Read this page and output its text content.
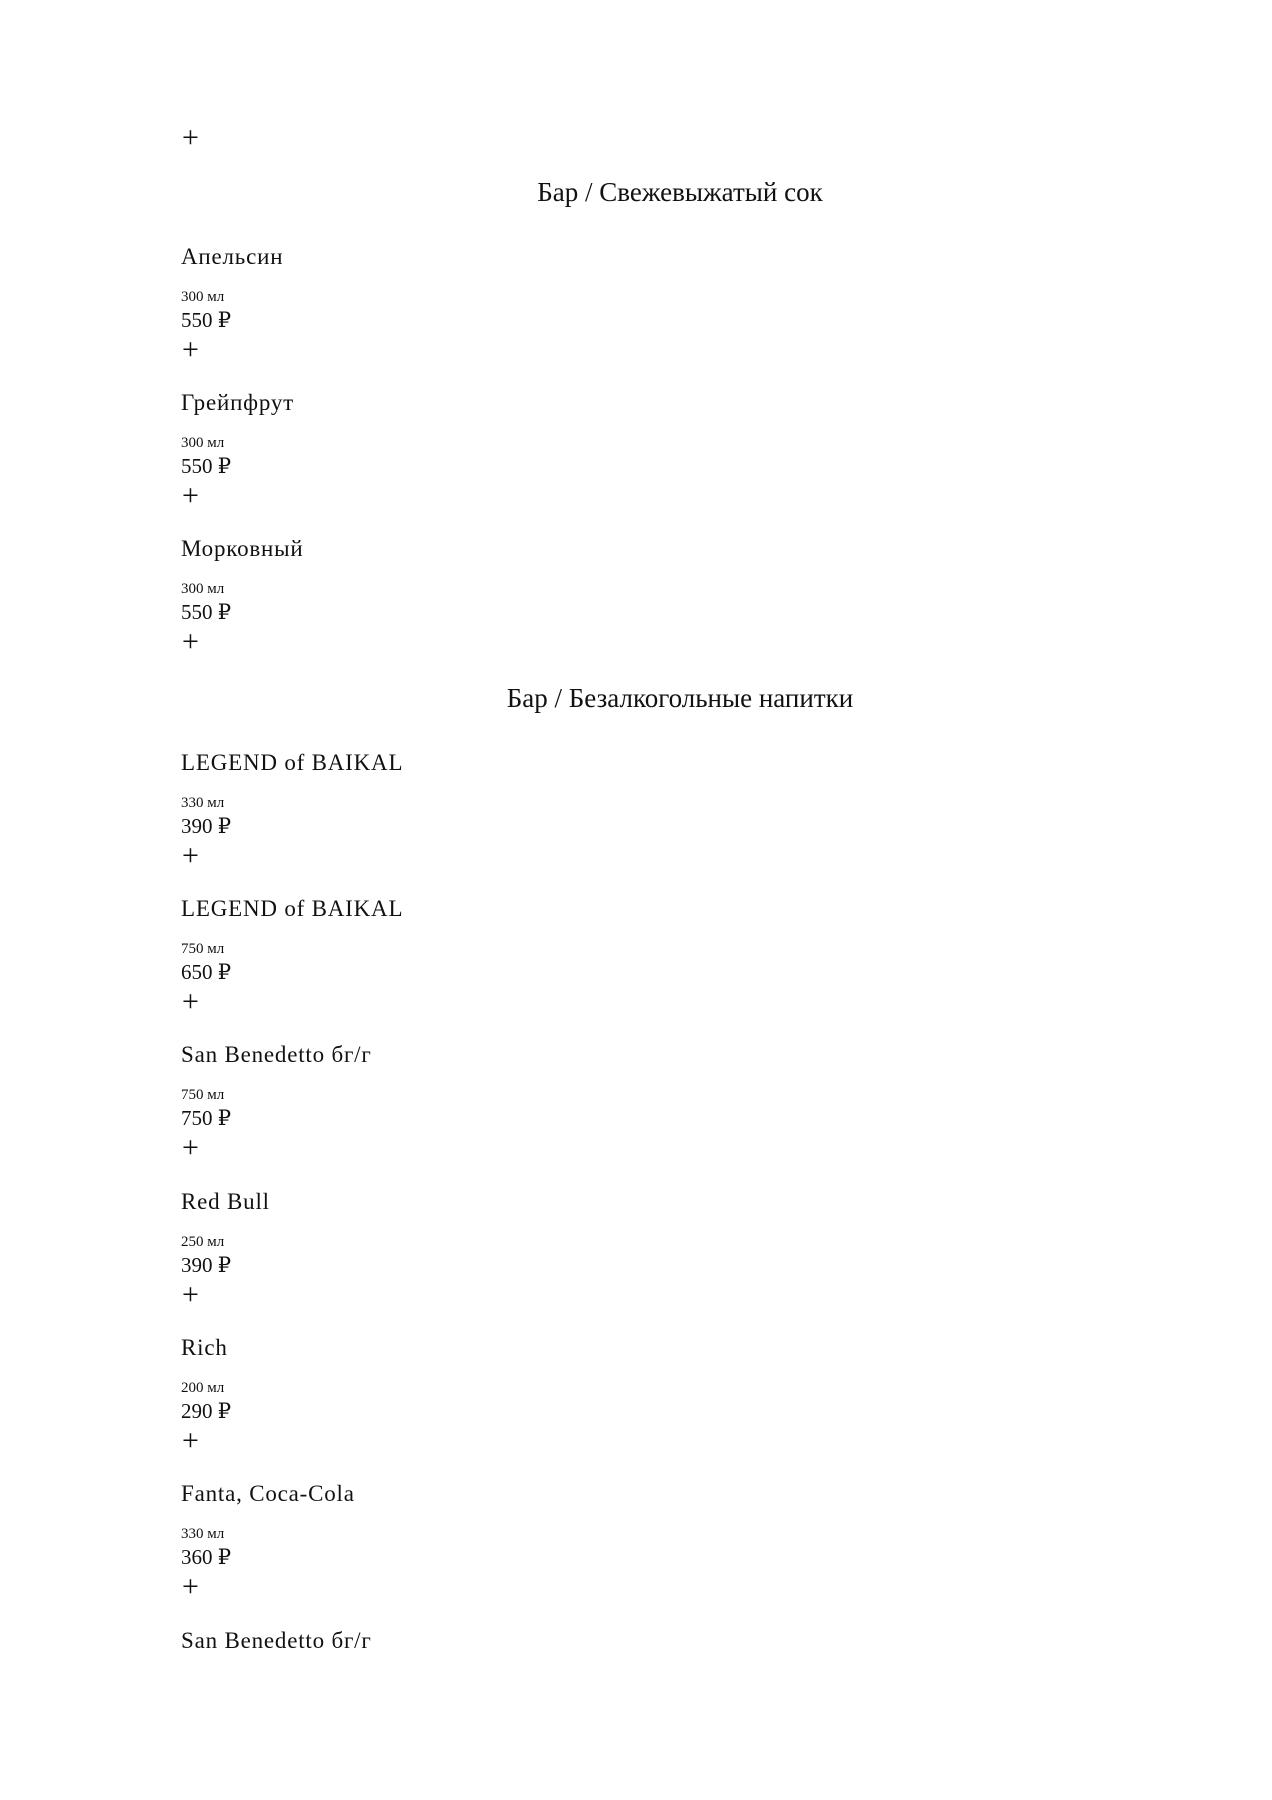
+
Бар / Свежевыжатый сок
Апельсин
300 мл
550 ₽
+
Грейпфрут
300 мл
550 ₽
+
Морковный
300 мл
550 ₽
+
Бар / Безалкогольные напитки
LEGEND of BAIKAL
330 мл
390 ₽
+
LEGEND of BAIKAL
750 мл
650 ₽
+
San Benedetto бг/г
750 мл
750 ₽
+
Red Bull
250 мл
390 ₽
+
Rich
200 мл
290 ₽
+
Fanta, Coca-Cola
330 мл
360 ₽
+
San Benedetto бг/г
